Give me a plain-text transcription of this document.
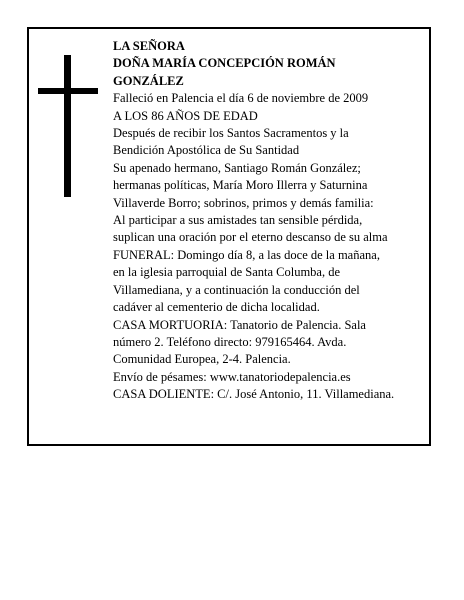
LA SEÑORA
DOÑA MARÍA CONCEPCIÓN ROMÁN
GONZÁLEZ
Falleció en Palencia el día 6 de noviembre de 2009
A LOS 86 AÑOS DE EDAD
Después de recibir los Santos Sacramentos y la
Bendición Apostólica de Su Santidad
Su apenado hermano, Santiago Román González;
hermanas políticas, María Moro Illerra y Saturnina
Villaverde Borro; sobrinos, primos y demás familia:
Al participar a sus amistades tan sensible pérdida,
suplican una oración por el eterno descanso de su alma
FUNERAL: Domingo día 8, a las doce de la mañana,
en la iglesia parroquial de Santa Columba, de
Villamediana, y a continuación la conducción del
cadáver al cementerio de dicha localidad.
CASA MORTUORIA: Tanatorio de Palencia. Sala
número 2. Teléfono directo: 979165464. Avda.
Comunidad Europea, 2-4. Palencia.
Envío de pésames: www.tanatoriodepalencia.es
CASA DOLIENTE: C/. José Antonio, 11. Villamediana.
